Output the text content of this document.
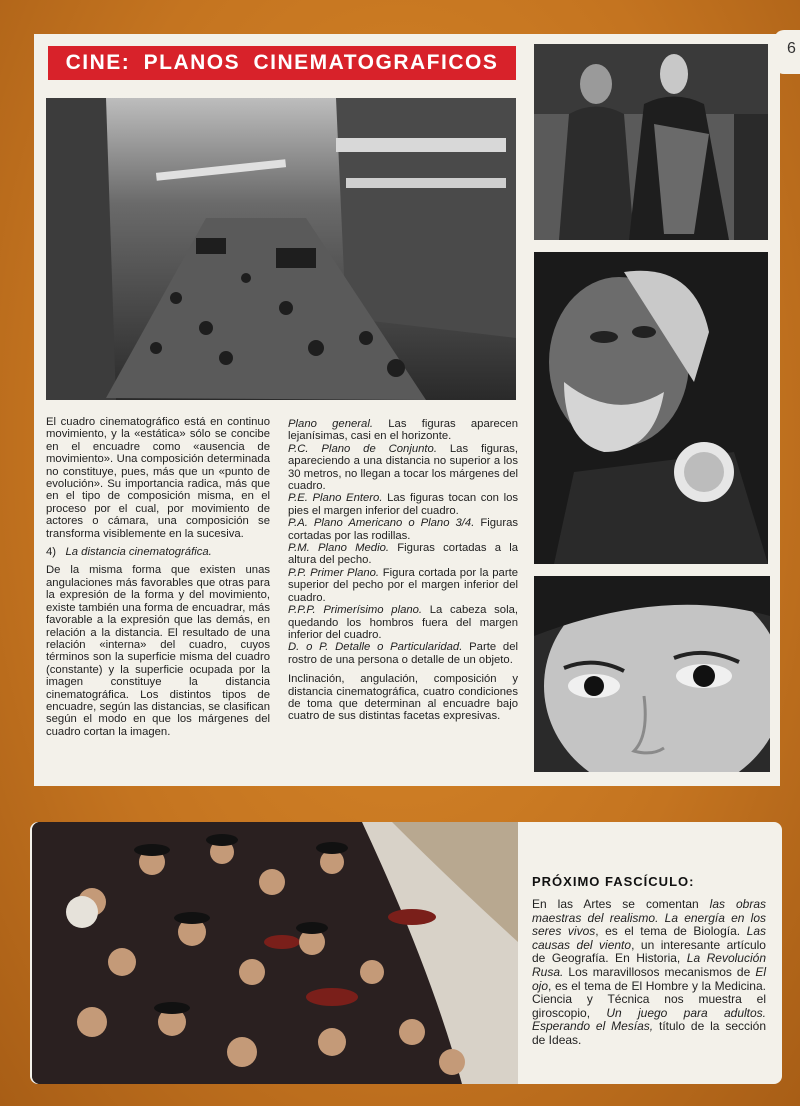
6
CINE: PLANOS CINEMATOGRAFICOS

El cuadro cinematográfico está en continuo movimiento, y la «estática» sólo se concibe en el encuadre como «ausencia de movimiento». Una composición determinada no constituye, pues, más que un «punto de evolución». Su importancia radica, más que en el tipo de composición misma, en el proceso por el cual, por movimiento de actores o cámara, una composición se transforma visiblemente en la sucesiva.

4) La distancia cinematográfica.

De la misma forma que existen unas angulaciones más favorables que otras para la expresión de la forma y del movimiento, existe también una forma de encuadrar, más favorable a la expresión que las demás, en relación a la distancia. El resultado de una relación «interna» del cuadro, cuyos términos son la superficie misma del cuadro (constante) y la superficie ocupada por la imagen constituye la distancia cinematográfica. Los distintos tipos de encuadre, según las distancias, se clasifican según el modo en que los márgenes del cuadro cortan la imagen.

Plano general. Las figuras aparecen lejanísimas, casi en el horizonte.
P.C. Plano de Conjunto. Las figuras, apareciendo a una distancia no superior a los 30 metros, no llegan a tocar los márgenes del cuadro.
P.E. Plano Entero. Las figuras tocan con los pies el margen inferior del cuadro.
P.A. Plano Americano o Plano 3/4. Figuras cortadas por las rodillas.
P.M. Plano Medio. Figuras cortadas a la altura del pecho.
P.P. Primer Plano. Figura cortada por la parte superior del pecho por el margen inferior del cuadro.
P.P.P. Primerísimo plano. La cabeza sola, quedando los hombros fuera del margen inferior del cuadro.
D. o P. Detalle o Particularidad. Parte del rostro de una persona o detalle de un objeto.

Inclinación, angulación, composición y distancia cinematográfica, cuatro condiciones de toma que determinan al encuadre bajo cuatro de sus distintas facetas expresivas.

PRÓXIMO FASCÍCULO:
En las Artes se comentan las obras maestras del realismo. La energía en los seres vivos, es el tema de Biología. Las causas del viento, un interesante artículo de Geografía. En Historia, La Revolución Rusa. Los maravillosos mecanismos de El ojo, es el tema de El Hombre y la Medicina. Ciencia y Técnica nos muestra el giroscopio, Un juego para adultos. Esperando el Mesías, título de la sección de Ideas.
